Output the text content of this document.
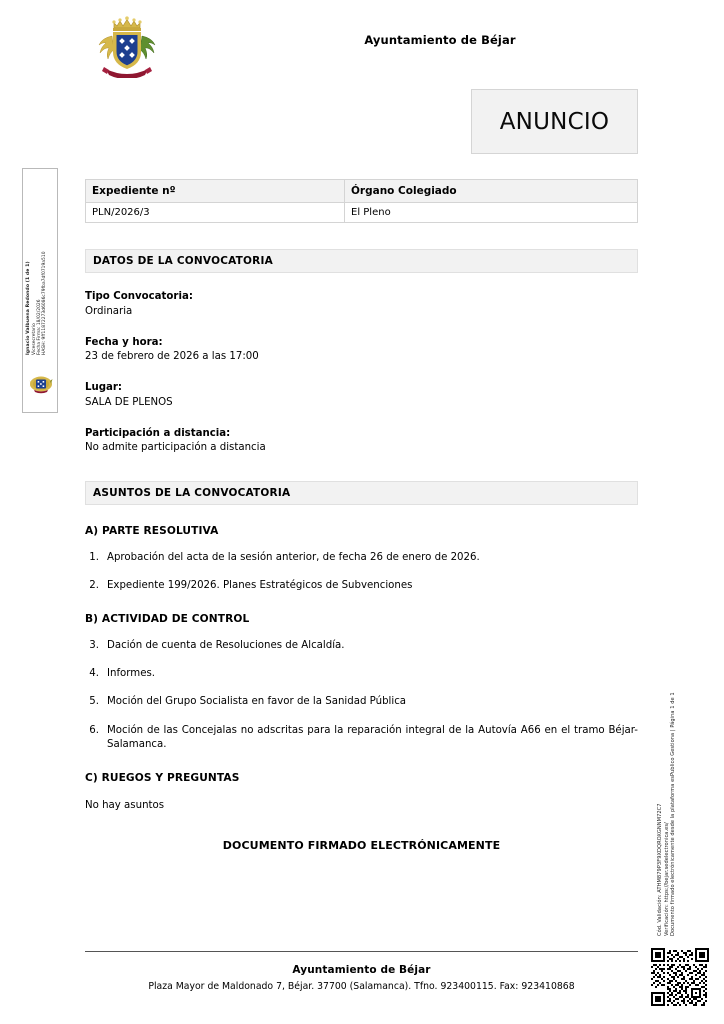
Ignacio Valbuena Redondo (1 de 1) Vicesecretario Fecha Firma: 18/02/2026 HASH: 9ff11872273d6086c79fba7df0719a510
Ayuntamiento de Béjar
ANUNCIO
Expediente nº	Órgano Colegiado
PLN/2026/3	El Pleno
DATOS DE LA CONVOCATORIA
Tipo Convocatoria:
Ordinaria
Fecha y hora:
23 de febrero de 2026 a las 17:00
Lugar:
SALA DE PLENOS
Participación a distancia:
No admite participación a distancia
ASUNTOS DE LA CONVOCATORIA
A) PARTE RESOLUTIVA
1. Aprobación del acta de la sesión anterior, de fecha 26 de enero de 2026.
2. Expediente 199/2026. Planes Estratégicos de Subvenciones
B) ACTIVIDAD DE CONTROL
3. Dación de cuenta de Resoluciones de Alcaldía.
4. Informes.
5. Moción del Grupo Socialista en favor de la Sanidad Pública
6. Moción de las Concejalas no adscritas para la reparación integral de la Autovía A66 en el tramo Béjar-Salamanca.
C) RUEGOS Y PREGUNTAS
No hay asuntos
DOCUMENTO FIRMADO ELECTRÓNICAMENTE	Cód. Validación: ATHM879P3F9XDQROXGNNM72C7 Verificación: https://bejar.sedelectronica.es/ Documento firmado electrónicamente desde la plataforma esPublico Gestiona | Página 1 de 1
Ayuntamiento de Béjar
Plaza Mayor de Maldonado 7, Béjar. 37700 (Salamanca). Tfno. 923400115. Fax: 923410868
